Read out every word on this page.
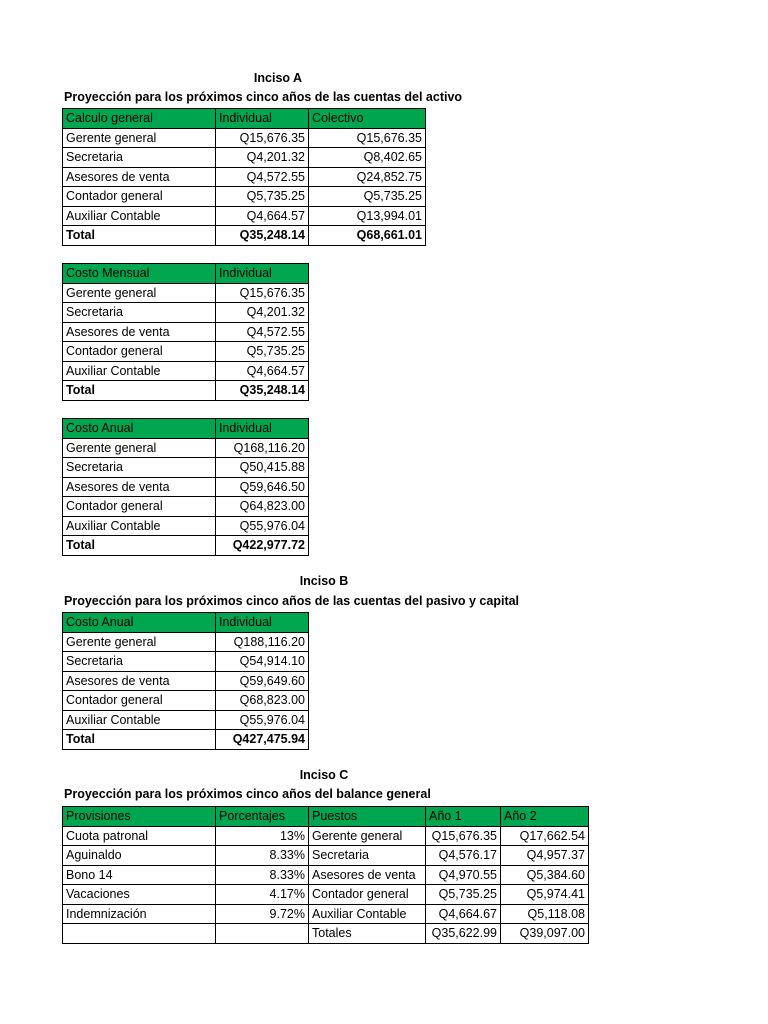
Inciso A
Proyección para los próximos cinco años de las cuentas del activo
Calculo general	Individual	Colectivo
Gerente general	Q15,676.35	Q15,676.35
Secretaria	Q4,201.32	Q8,402.65
Asesores de venta	Q4,572.55	Q24,852.75
Contador general	Q5,735.25	Q5,735.25
Auxiliar Contable	Q4,664.57	Q13,994.01
Total	Q35,248.14	Q68,661.01
Costo Mensual	Individual
Gerente general	Q15,676.35
Secretaria	Q4,201.32
Asesores de venta	Q4,572.55
Contador general	Q5,735.25
Auxiliar Contable	Q4,664.57
Total	Q35,248.14
Costo Anual	Individual
Gerente general	Q168,116.20
Secretaria	Q50,415.88
Asesores de venta	Q59,646.50
Contador general	Q64,823.00
Auxiliar Contable	Q55,976.04
Total	Q422,977.72
Inciso B
Proyección para los próximos cinco años de las cuentas del pasivo y capital
Costo Anual	Individual
Gerente general	Q188,116.20
Secretaria	Q54,914.10
Asesores de venta	Q59,649.60
Contador general	Q68,823.00
Auxiliar Contable	Q55,976.04
Total	Q427,475.94
Inciso C
Proyección para los próximos cinco años del balance general
Provisiones	Porcentajes	Puestos	Año 1	Año 2
Cuota patronal	13%	Gerente general	Q15,676.35	Q17,662.54
Aguinaldo	8.33%	Secretaria	Q4,576.17	Q4,957.37
Bono 14	8.33%	Asesores de venta	Q4,970.55	Q5,384.60
Vacaciones	4.17%	Contador general	Q5,735.25	Q5,974.41
Indemnización	9.72%	Auxiliar Contable	Q4,664.67	Q5,118.08
		Totales	Q35,622.99	Q39,097.00
